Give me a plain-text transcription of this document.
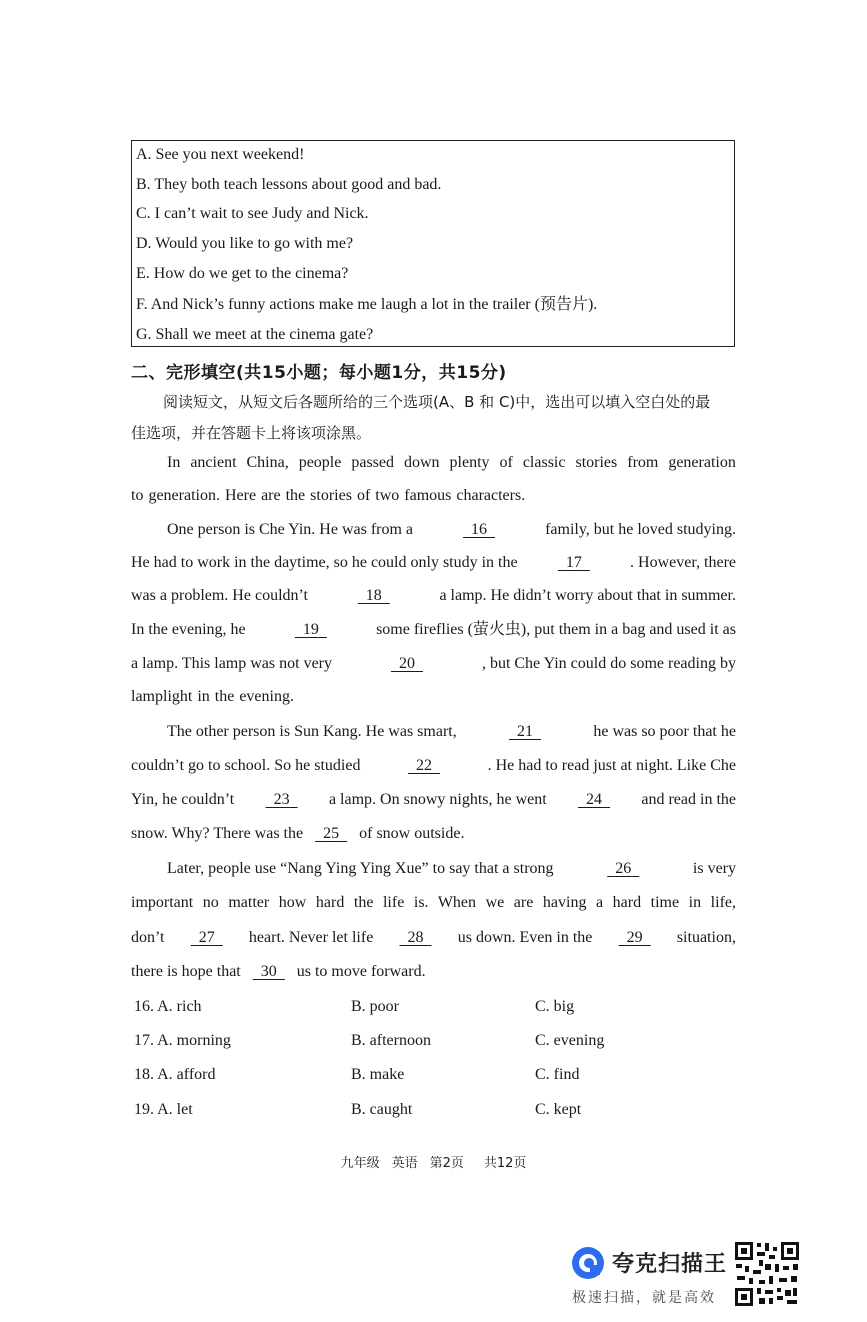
A. See you next weekend!
B. They both teach lessons about good and bad.
C. I can’t wait to see Judy and Nick.
D. Would you like to go with me?
E. How do we get to the cinema?
F. And Nick’s funny actions make me laugh a lot in the trailer (预告片).
G. Shall we meet at the cinema gate?
二、完形填空(共15小题；每小题1分，共15分)
阅读短文，从短文后各题所给的三个选项(A、B 和 C)中，选出可以填入空白处的最
佳选项，并在答题卡上将该项涂黑。
In ancient China, people passed down plenty of classic stories from generation
to generation. Here are the stories of two famous characters.
One person is Che Yin. He was from a	16	family, but he loved studying.
He had to work in the daytime, so he could only study in the	17	. However, there
was a problem. He couldn’t	18	a lamp. He didn’t worry about that in summer.
In the evening, he	19	some fireflies (萤火虫), put them in a bag and used it as
a lamp. This lamp was not very	20	, but Che Yin could do some reading by
lamplight in the evening.
The other person is Sun Kang. He was smart,	21	he was so poor that he
couldn’t go to school. So he studied	22	. He had to read just at night. Like Che
Yin, he couldn’t	23	a lamp. On snowy nights, he went	24	and read in the
snow. Why? There was the	25	of snow outside.
Later, people use “Nang Ying Ying Xue” to say that a strong	26	is very
important no matter how hard the life is. When we are having a hard time in life,
don’t	27	heart. Never let life	28	us down. Even in the	29	situation,
there is hope that	30	us to move forward.
16. A. rich	B. poor	C. big
17. A. morning	B. afternoon	C. evening
18. A. afford	B. make	C. find
19. A. let	B. caught	C. kept
九年级 英语 第2页 共12页
夸克扫描王
极速扫描，就是高效
